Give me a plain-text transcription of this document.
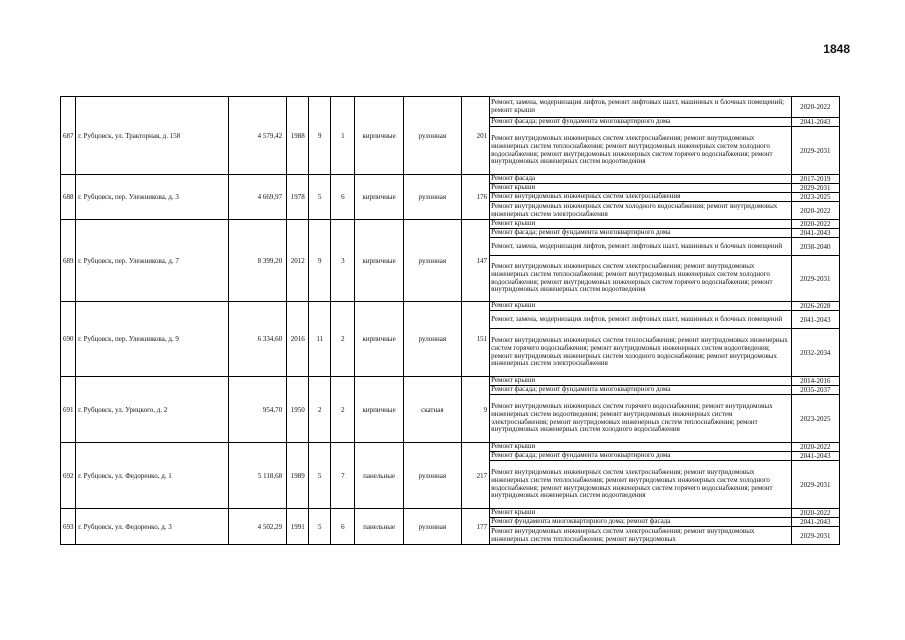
1848
687	г. Рубцовск, ул. Тракторная, д. 158	4 579,42	1988	9	1	кирпичные	рулонная	201	Ремонт, замена, модернизация лифтов, ремонт лифтовых шахт, машинных и блочных помещений; ремонт крыши	2020-2022
									Ремонт фасада; ремонт фундамента многоквартирного дома	2041-2043
									Ремонт внутридомовых инженерных систем электроснабжения; ремонт внутридомовых инженерных систем теплоснабжения; ремонт внутридомовых инженерных систем холодного водоснабжения; ремонт внутридомовых инженерных систем горячего водоснабжения; ремонт внутридомовых инженерных систем водоотведения	2029-2031
688	г. Рубцовск, пер. Улежникова, д. 3	4 669,97	1978	5	6	кирпичные	рулонная	176	Ремонт фасада	2017-2019
									Ремонт крыши	2029-2031
									Ремонт внутридомовых инженерных систем электроснабжения	2023-2025
									Ремонт внутридомовых инженерных систем холодного водоснабжения; ремонт внутридомовых инженерных систем электроснабжения	2020-2022
689	г. Рубцовск, пер. Улежникова, д. 7	8 399,20	2012	9	3	кирпичные	рулонная	147	Ремонт крыши	2020-2022
									Ремонт фасада; ремонт фундамента многоквартирного дома	2041-2043
									Ремонт, замена, модернизация лифтов, ремонт лифтовых шахт, машинных и блочных помещений	2038-2040
									Ремонт внутридомовых инженерных систем электроснабжения; ремонт внутридомовых инженерных систем теплоснабжения; ремонт внутридомовых инженерных систем холодного водоснабжения; ремонт внутридомовых инженерных систем горячего водоснабжения; ремонт внутридомовых инженерных систем водоотведения	2029-2031
690	г. Рубцовск, пер. Улежникова, д. 9	6 334,60	2016	11	2	кирпичные	рулонная	151	Ремонт крыши	2026-2028
									Ремонт, замена, модернизация лифтов, ремонт лифтовых шахт, машинных и блочных помещений	2041-2043
									Ремонт внутридомовых инженерных систем теплоснабжения; ремонт внутридомовых инженерных систем горячего водоснабжения; ремонт внутридомовых инженерных систем водоотведения; ремонт внутридомовых инженерных систем холодного водоснабжения; ремонт внутридомовых инженерных систем электроснабжения	2032-2034
691	г. Рубцовск, ул. Урицкого, д. 2	954,70	1950	2	2	кирпичные	скатная	9	Ремонт крыши	2014-2016
									Ремонт фасада; ремонт фундамента многоквартирного дома	2035-2037
									Ремонт внутридомовых инженерных систем горячего водоснабжения; ремонт внутридомовых инженерных систем водоотведения; ремонт внутридомовых инженерных систем электроснабжения; ремонт внутридомовых инженерных систем теплоснабжения; ремонт внутридомовых инженерных систем холодного водоснабжения	2023-2025
692	г. Рубцовск, ул. Федоренко, д. 1	5 118,68	1989	5	7	панельные	рулонная	217	Ремонт крыши	2020-2022
									Ремонт фасада; ремонт фундамента многоквартирного дома	2041-2043
									Ремонт внутридомовых инженерных систем электроснабжения; ремонт внутридомовых инженерных систем теплоснабжения; ремонт внутридомовых инженерных систем холодного водоснабжения; ремонт внутридомовых инженерных систем горячего водоснабжения; ремонт внутридомовых инженерных систем водоотведения	2029-2031
693	г. Рубцовск, ул. Федоренко, д. 3	4 502,29	1991	5	6	панельные	рулонная	177	Ремонт крыши	2020-2022
									Ремонт фундамента многоквартирного дома; ремонт фасада	2041-2043
									Ремонт внутридомовых инженерных систем электроснабжения; ремонт внутридомовых инженерных систем теплоснабжения; ремонт внутридомовых	2029-2031
